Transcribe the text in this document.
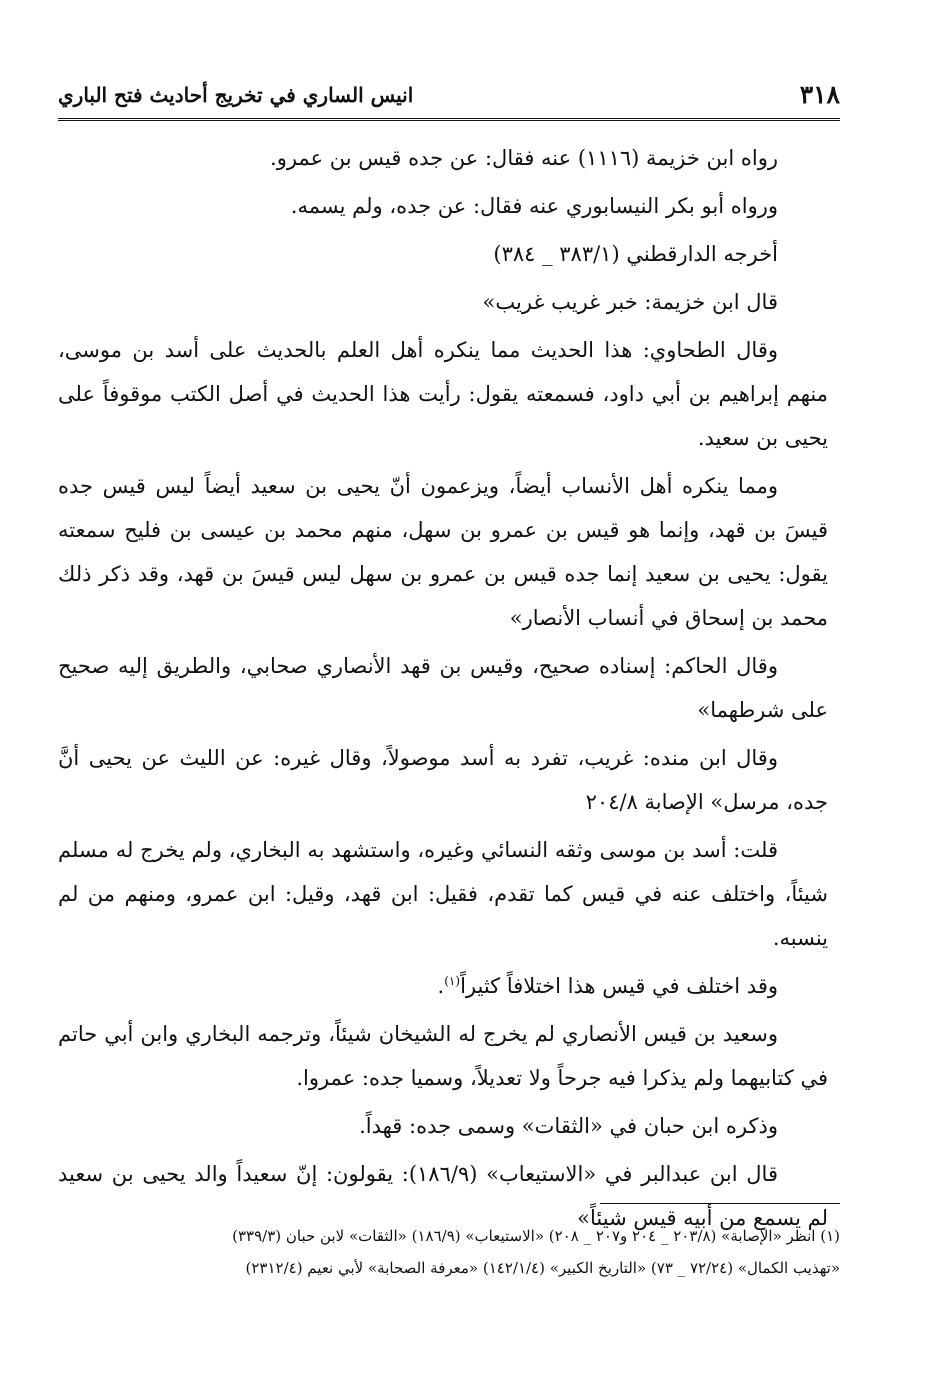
٣١٨
انيس الساري في تخريج أحاديث فتح الباري

رواه ابن خزيمة (١١١٦) عنه فقال: عن جده قيس بن عمرو.

ورواه أبو بكر النيسابوري عنه فقال: عن جده، ولم يسمه.

أخرجه الدارقطني (٣٨٣/١ _ ٣٨٤)

قال ابن خزيمة: خبر غريب غريب»

وقال الطحاوي: هذا الحديث مما ينكره أهل العلم بالحديث على أسد بن موسى، منهم إبراهيم بن أبي داود، فسمعته يقول: رأيت هذا الحديث في أصل الكتب موقوفاً على يحيى بن سعيد.

ومما ينكره أهل الأنساب أيضاً، ويزعمون أنّ يحيى بن سعيد أيضاً ليس قيس جده قيسَ بن قهد، وإنما هو قيس بن عمرو بن سهل، منهم محمد بن عيسى بن فليح سمعته يقول: يحيى بن سعيد إنما جده قيس بن عمرو بن سهل ليس قيسَ بن قهد، وقد ذكر ذلك محمد بن إسحاق في أنساب الأنصار»

وقال الحاكم: إسناده صحيح، وقيس بن قهد الأنصاري صحابي، والطريق إليه صحيح على شرطهما»

وقال ابن منده: غريب، تفرد به أسد موصولاً، وقال غيره: عن الليث عن يحيى أنَّ جده، مرسل» الإصابة ٢٠٤/٨

قلت: أسد بن موسى وثقه النسائي وغيره، واستشهد به البخاري، ولم يخرج له مسلم شيئاً، واختلف عنه في قيس كما تقدم، فقيل: ابن قهد، وقيل: ابن عمرو، ومنهم من لم ينسبه.

وقد اختلف في قيس هذا اختلافاً كثيراً$^{(١)}$.

وسعيد بن قيس الأنصاري لم يخرج له الشيخان شيئاً، وترجمه البخاري وابن أبي حاتم في كتابيهما ولم يذكرا فيه جرحاً ولا تعديلاً، وسميا جده: عمروا.

وذكره ابن حبان في «الثقات» وسمى جده: قهداً.

قال ابن عبدالبر في «الاستيعاب» (١٨٦/٩): يقولون: إنّ سعيداً والد يحيى بن سعيد لم يسمع من أبيه قيس شيئاً»

(١) انظر «الإصابة» (٢٠٣/٨ _ ٢٠٤ و٢٠٧ _ ٢٠٨) «الاستيعاب» (١٨٦/٩) «الثقات» لابن حبان (٣٣٩/٣)

«تهذيب الكمال» (٧٢/٢٤ _ ٧٣) «التاريخ الكبير» (١٤٢/١/٤) «معرفة الصحابة» لأبي نعيم (٢٣١٢/٤)
